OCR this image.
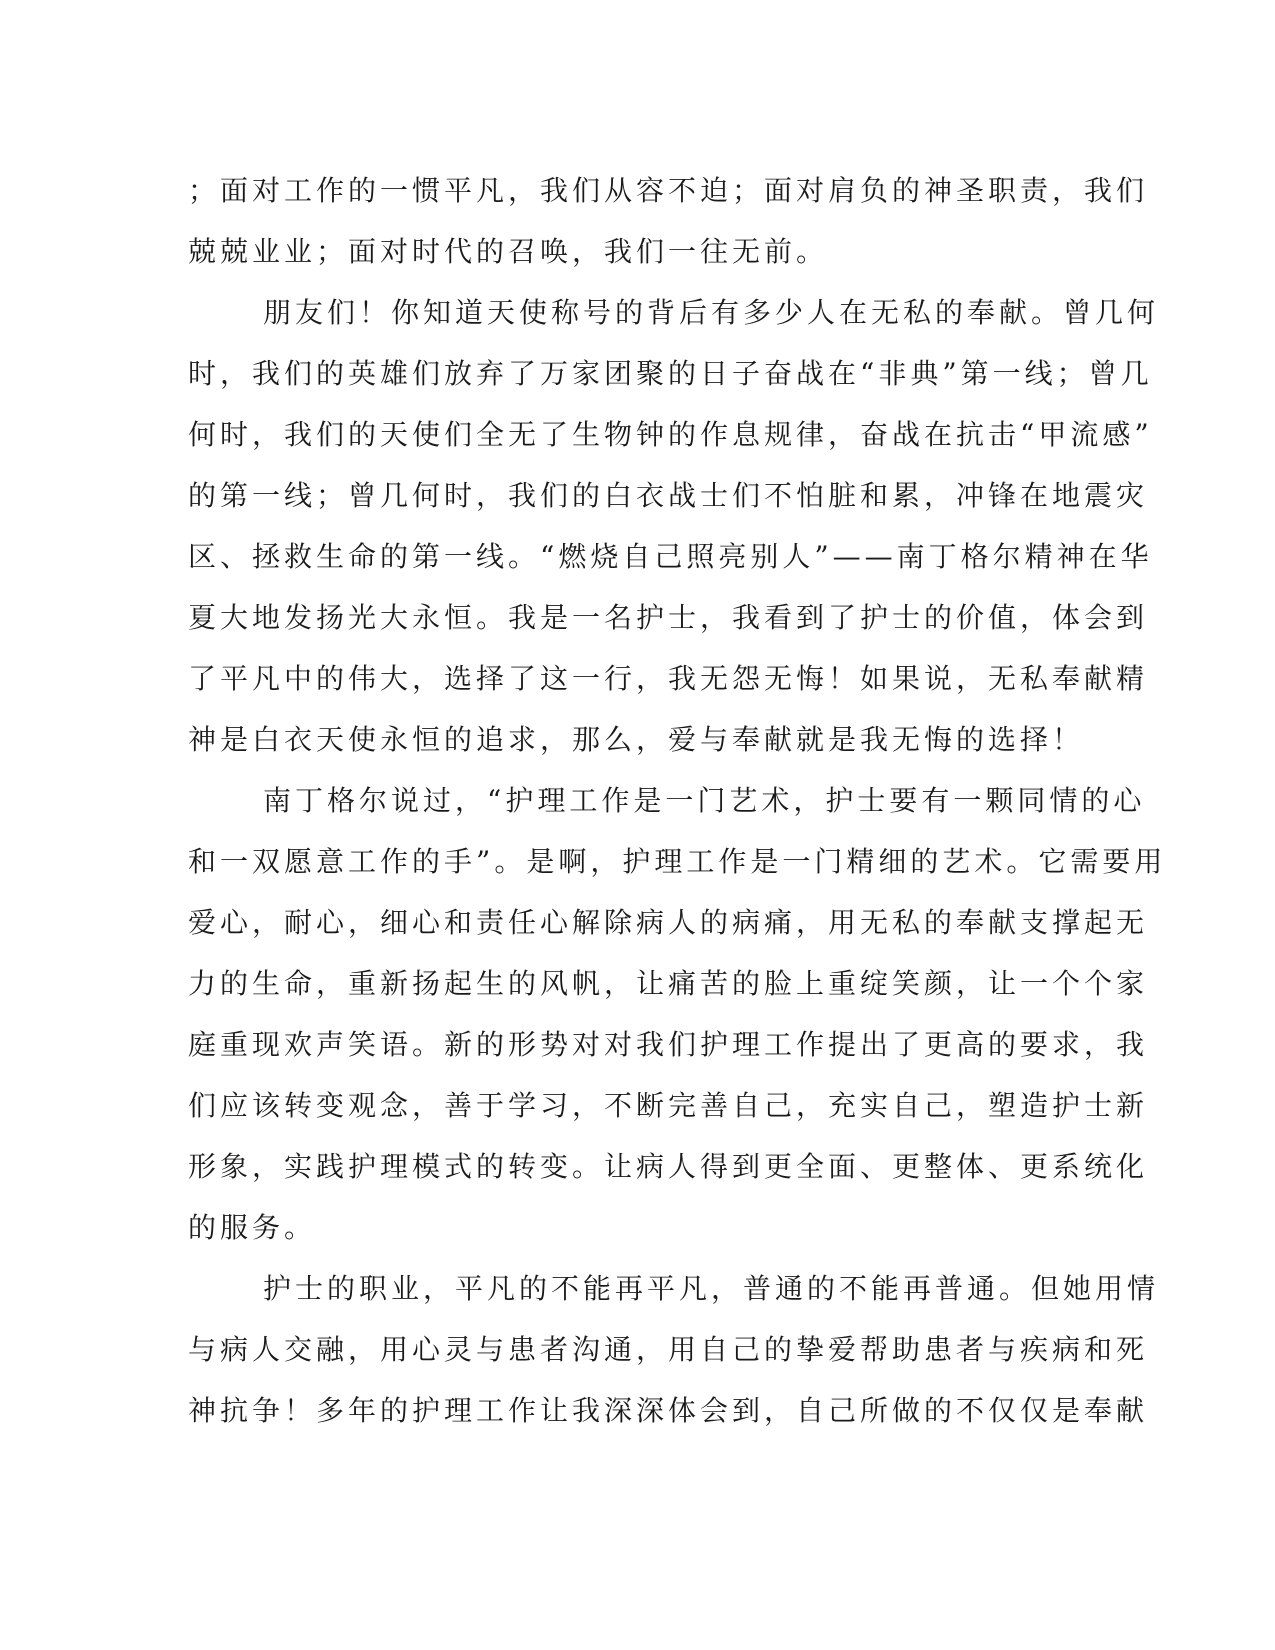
；面对工作的一惯平凡，我们从容不迫；面对肩负的神圣职责，我们
兢兢业业；面对时代的召唤，我们一往无前。
朋友们！你知道天使称号的背后有多少人在无私的奉献。曾几何
时，我们的英雄们放弃了万家团聚的日子奋战在“非典”第一线；曾几
何时，我们的天使们全无了生物钟的作息规律，奋战在抗击“甲流感”
的第一线；曾几何时，我们的白衣战士们不怕脏和累，冲锋在地震灾
区、拯救生命的第一线。“燃烧自己照亮别人”——南丁格尔精神在华
夏大地发扬光大永恒。我是一名护士，我看到了护士的价值，体会到
了平凡中的伟大，选择了这一行，我无怨无悔！如果说，无私奉献精
神是白衣天使永恒的追求，那么，爱与奉献就是我无悔的选择！
南丁格尔说过，“护理工作是一门艺术，护士要有一颗同情的心
和一双愿意工作的手”。是啊，护理工作是一门精细的艺术。它需要用
爱心，耐心，细心和责任心解除病人的病痛，用无私的奉献支撑起无
力的生命，重新扬起生的风帆，让痛苦的脸上重绽笑颜，让一个个家
庭重现欢声笑语。新的形势对对我们护理工作提出了更高的要求，我
们应该转变观念，善于学习，不断完善自己，充实自己，塑造护士新
形象，实践护理模式的转变。让病人得到更全面、更整体、更系统化
的服务。
护士的职业，平凡的不能再平凡，普通的不能再普通。但她用情
与病人交融，用心灵与患者沟通，用自己的挚爱帮助患者与疾病和死
神抗争！多年的护理工作让我深深体会到，自己所做的不仅仅是奉献
